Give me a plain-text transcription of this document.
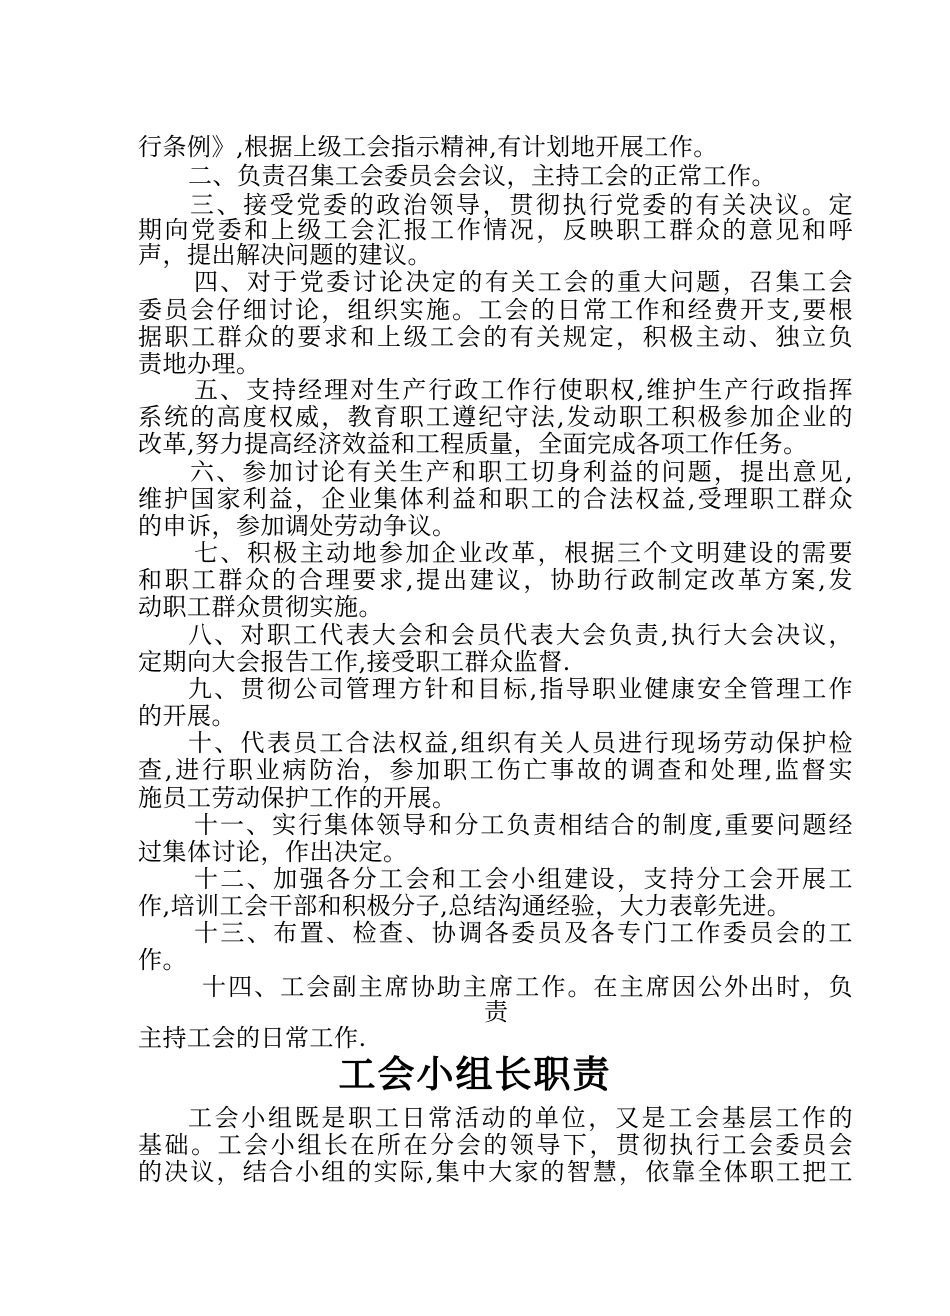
行条例》,根据上级工会指示精神,有计划地开展工作。
二、负责召集工会委员会会议，主持工会的正常工作。
三、接受党委的政治领导，贯彻执行党委的有关决议。定
期向党委和上级工会汇报工作情况，反映职工群众的意见和呼
声，提出解决问题的建议。
四、对于党委讨论决定的有关工会的重大问题，召集工会
委员会仔细讨论，组织实施。工会的日常工作和经费开支,要根
据职工群众的要求和上级工会的有关规定，积极主动、独立负
责地办理。
五、支持经理对生产行政工作行使职权,维护生产行政指挥
系统的高度权威，教育职工遵纪守法,发动职工积极参加企业的
改革,努力提高经济效益和工程质量，全面完成各项工作任务。
六、参加讨论有关生产和职工切身利益的问题，提出意见,
维护国家利益，企业集体利益和职工的合法权益,受理职工群众
的申诉，参加调处劳动争议。
七、积极主动地参加企业改革，根据三个文明建设的需要
和职工群众的合理要求,提出建议，协助行政制定改革方案,发
动职工群众贯彻实施。
八、对职工代表大会和会员代表大会负责,执行大会决议，
定期向大会报告工作,接受职工群众监督.
九、贯彻公司管理方针和目标,指导职业健康安全管理工作
的开展。
十、代表员工合法权益,组织有关人员进行现场劳动保护检
查,进行职业病防治，参加职工伤亡事故的调查和处理,监督实
施员工劳动保护工作的开展。
十一、实行集体领导和分工负责相结合的制度,重要问题经
过集体讨论，作出决定。
十二、加强各分工会和工会小组建设，支持分工会开展工
作,培训工会干部和积极分子,总结沟通经验，大力表彰先进。
十三、布置、检查、协调各委员及各专门工作委员会的工
作。
十四、工会副主席协助主席工作。在主席因公外出时，负
责
主持工会的日常工作.
工会小组长职责
工会小组既是职工日常活动的单位，又是工会基层工作的
基础。工会小组长在所在分会的领导下，贯彻执行工会委员会
的决议，结合小组的实际,集中大家的智慧，依靠全体职工把工
